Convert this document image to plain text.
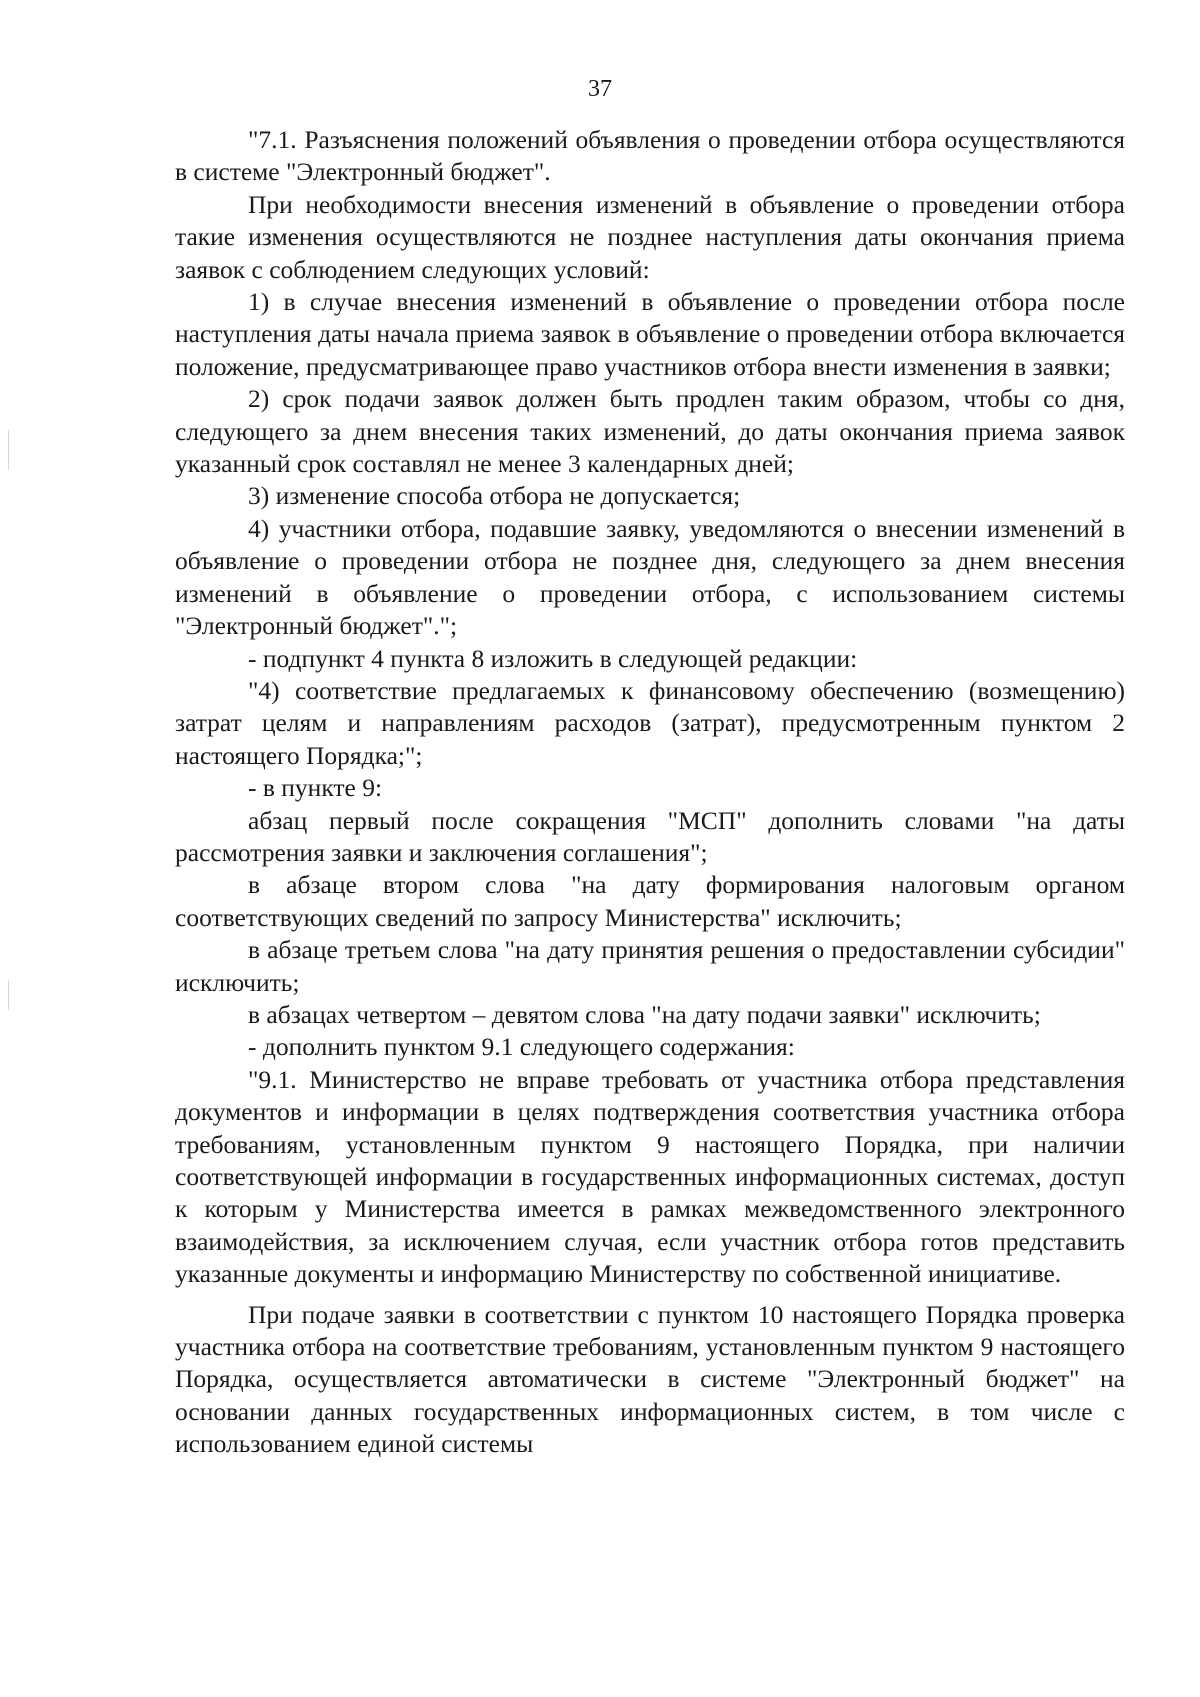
37

"7.1. Разъяснения положений объявления о проведении отбора осуществляются в системе "Электронный бюджет".

При необходимости внесения изменений в объявление о проведении отбора такие изменения осуществляются не позднее наступления даты окончания приема заявок с соблюдением следующих условий:

1) в случае внесения изменений в объявление о проведении отбора после наступления даты начала приема заявок в объявление о проведении отбора включается положение, предусматривающее право участников отбора внести изменения в заявки;

2) срок подачи заявок должен быть продлен таким образом, чтобы со дня, следующего за днем внесения таких изменений, до даты окончания приема заявок указанный срок составлял не менее 3 календарных дней;

3) изменение способа отбора не допускается;

4) участники отбора, подавшие заявку, уведомляются о внесении изменений в объявление о проведении отбора не позднее дня, следующего за днем внесения изменений в объявление о проведении отбора, с использованием системы "Электронный бюджет".";

- подпункт 4 пункта 8 изложить в следующей редакции:

"4) соответствие предлагаемых к финансовому обеспечению (возмещению) затрат целям и направлениям расходов (затрат), предусмотренным пунктом 2 настоящего Порядка;";

- в пункте 9:

абзац первый после сокращения "МСП" дополнить словами "на даты рассмотрения заявки и заключения соглашения";

в абзаце втором слова "на дату формирования налоговым органом соответствующих сведений по запросу Министерства" исключить;

в абзаце третьем слова "на дату принятия решения о предоставлении субсидии" исключить;

в абзацах четвертом – девятом слова "на дату подачи заявки" исключить;

- дополнить пунктом 9.1 следующего содержания:

"9.1. Министерство не вправе требовать от участника отбора представления документов и информации в целях подтверждения соответствия участника отбора требованиям, установленным пунктом 9 настоящего Порядка, при наличии соответствующей информации в государственных информационных системах, доступ к которым у Министерства имеется в рамках межведомственного электронного взаимодействия, за исключением случая, если участник отбора готов представить указанные документы и информацию Министерству по собственной инициативе.

При подаче заявки в соответствии с пунктом 10 настоящего Порядка проверка участника отбора на соответствие требованиям, установленным пунктом 9 настоящего Порядка, осуществляется автоматически в системе "Электронный бюджет" на основании данных государственных информационных систем, в том числе с использованием единой системы
